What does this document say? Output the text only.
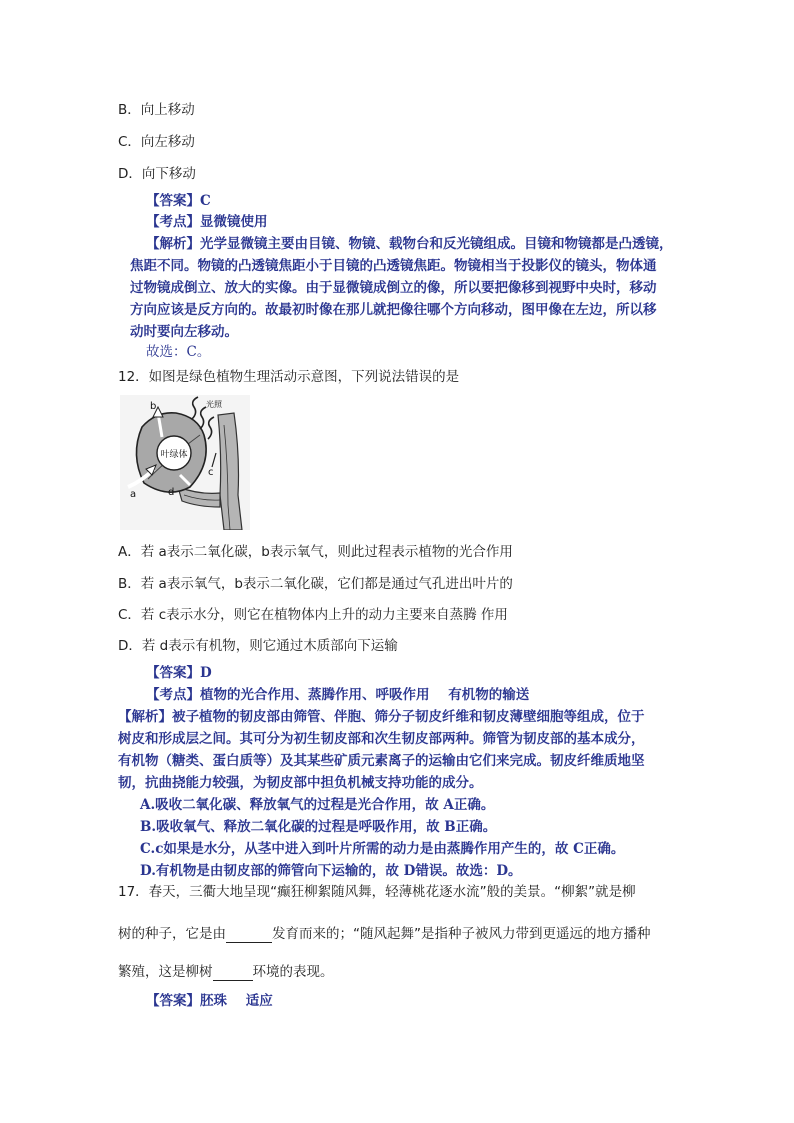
B．向上移动
C．向左移动
D．向下移动
【答案】C
【考点】显微镜使用
【解析】光学显微镜主要由目镜、物镜、载物台和反光镜组成。目镜和物镜都是凸透镜，
焦距不同。物镜的凸透镜焦距小于目镜的凸透镜焦距。物镜相当于投影仪的镜头，物体通
过物镜成倒立、放大的实像。由于显微镜成倒立的像，所以要把像移到视野中央时，移动
方向应该是反方向的。故最初时像在那儿就把像往哪个方向移动，图甲像在左边，所以移
动时要向左移动。
故选：C。
12．如图是绿色植物生理活动示意图，下列说法错误的是
叶绿体
光照
b
a
c
d
A．若 a表示二氧化碳，b表示氧气，则此过程表示植物的光合作用
B．若 a表示氧气，b表示二氧化碳，它们都是通过气孔进出叶片的
C．若 c表示水分，则它在植物体内上升的动力主要来自蒸腾 作用
D．若 d表示有机物，则它通过木质部向下运输
【答案】D
【考点】植物的光合作用、蒸腾作用、呼吸作用    有机物的输送
【解析】被子植物的韧皮部由筛管、伴胞、筛分子韧皮纤维和韧皮薄壁细胞等组成，位于
树皮和形成层之间。其可分为初生韧皮部和次生韧皮部两种。筛管为韧皮部的基本成分，
有机物（糖类、蛋白质等）及其某些矿质元素离子的运输由它们来完成。韧皮纤维质地坚
韧，抗曲挠能力较强，为韧皮部中担负机械支持功能的成分。
A.吸收二氧化碳、释放氧气的过程是光合作用，故 A正确。
B.吸收氧气、释放二氧化碳的过程是呼吸作用，故 B正确。
C.c如果是水分，从茎中进入到叶片所需的动力是由蒸腾作用产生的，故 C正确。
D.有机物是由韧皮部的筛管向下运输的，故 D错误。故选：D。
17．春天，三衢大地呈现“癫狂柳絮随风舞，轻薄桃花逐水流”般的美景。“柳絮”就是柳
树的种子，它是由	发育而来的；“随风起舞”是指种子被风力带到更遥远的地方播种
繁殖，这是柳树	环境的表现。
【答案】胚珠    适应
